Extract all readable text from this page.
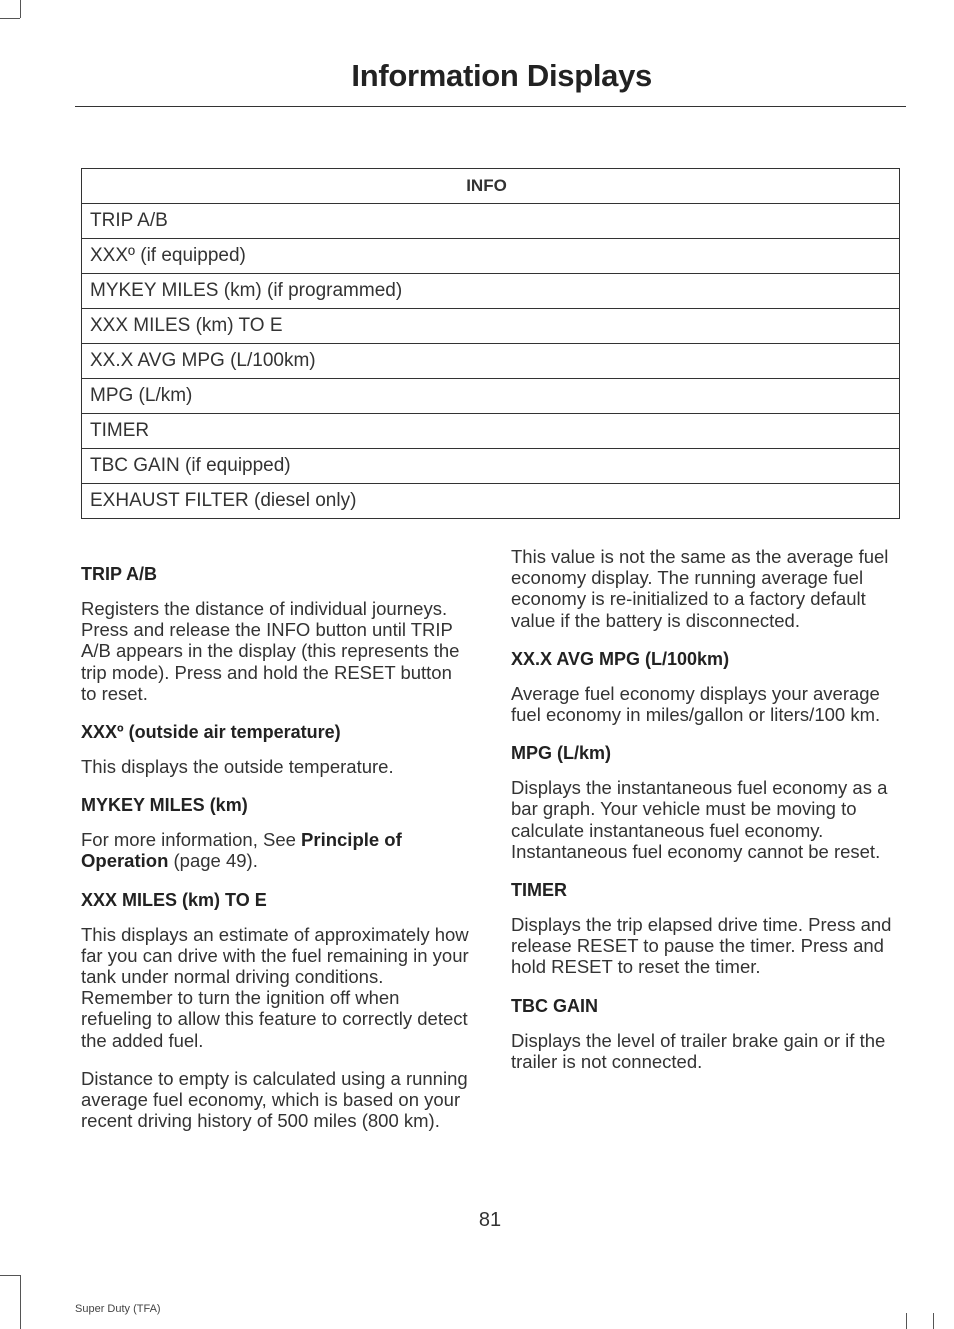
Information Displays
INFO
TRIP A/B
XXXº (if equipped)
MYKEY MILES (km) (if programmed)
XXX MILES (km) TO E
XX.X AVG MPG (L/100km)
MPG (L/km)
TIMER
TBC GAIN (if equipped)
EXHAUST FILTER (diesel only)
TRIP A/B

Registers the distance of individual journeys. Press and release the INFO button until TRIP A/B appears in the display (this represents the trip mode). Press and hold the RESET button to reset.

XXXº (outside air temperature)

This displays the outside temperature.

MYKEY MILES (km)

For more information, See Principle of Operation (page 49).

XXX MILES (km) TO E

This displays an estimate of approximately how far you can drive with the fuel remaining in your tank under normal driving conditions. Remember to turn the ignition off when refueling to allow this feature to correctly detect the added fuel.

Distance to empty is calculated using a running average fuel economy, which is based on your recent driving history of 500 miles (800 km).

This value is not the same as the average fuel economy display. The running average fuel economy is re-initialized to a factory default value if the battery is disconnected.

XX.X AVG MPG (L/100km)

Average fuel economy displays your average fuel economy in miles/gallon or liters/100 km.

MPG (L/km)

Displays the instantaneous fuel economy as a bar graph. Your vehicle must be moving to calculate instantaneous fuel economy. Instantaneous fuel economy cannot be reset.

TIMER

Displays the trip elapsed drive time. Press and release RESET to pause the timer. Press and hold RESET to reset the timer.

TBC GAIN

Displays the level of trailer brake gain or if the trailer is not connected.

81
Super Duty (TFA)
